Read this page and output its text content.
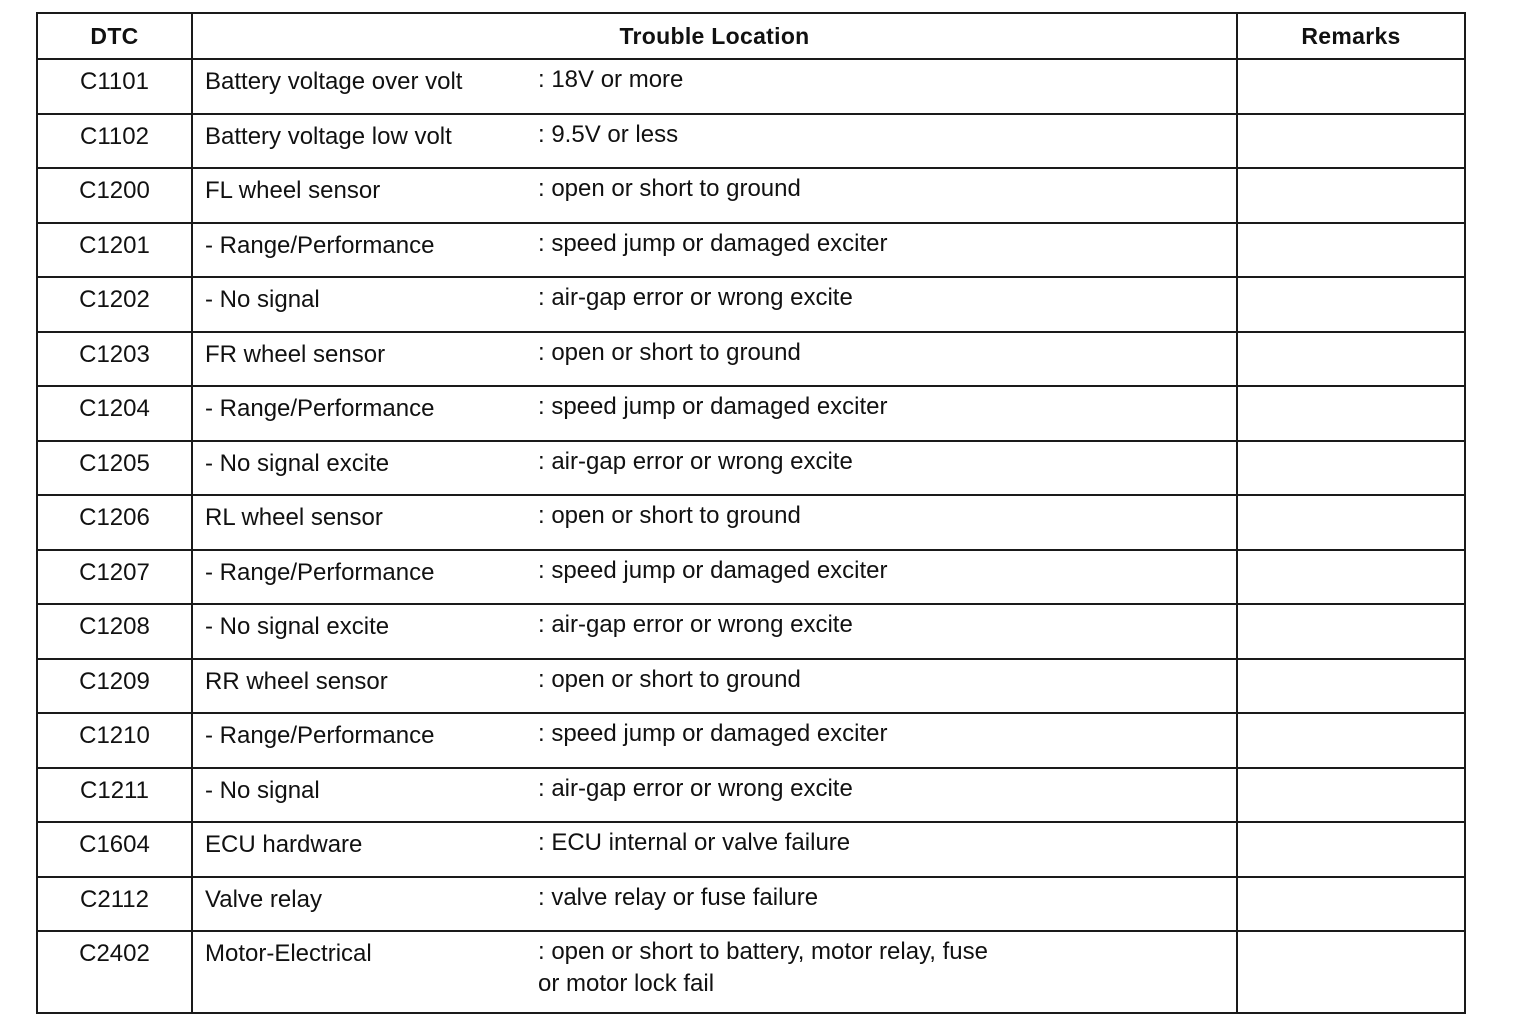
DTC	Trouble Location	Remarks
C1101	Battery voltage over volt : 18V or more	

C1102	Battery voltage low volt : 9.5V or less	

C1200	FL wheel sensor : open or short to ground	

C1201	- Range/Performance : speed jump or damaged exciter	

C1202	- No signal : air-gap error or wrong excite	

C1203	FR wheel sensor : open or short to ground	

C1204	- Range/Performance : speed jump or damaged exciter	

C1205	- No signal excite : air-gap error or wrong excite	

C1206	RL wheel sensor : open or short to ground	

C1207	- Range/Performance : speed jump or damaged exciter	

C1208	- No signal excite : air-gap error or wrong excite	

C1209	RR wheel sensor : open or short to ground	

C1210	- Range/Performance : speed jump or damaged exciter	

C1211	- No signal : air-gap error or wrong excite	

C1604	ECU hardware : ECU internal or valve failure	

C2112	Valve relay : valve relay or fuse failure	

C2402	Motor-Electrical : open or short to battery, motor relay, fuse
or motor lock fail	
